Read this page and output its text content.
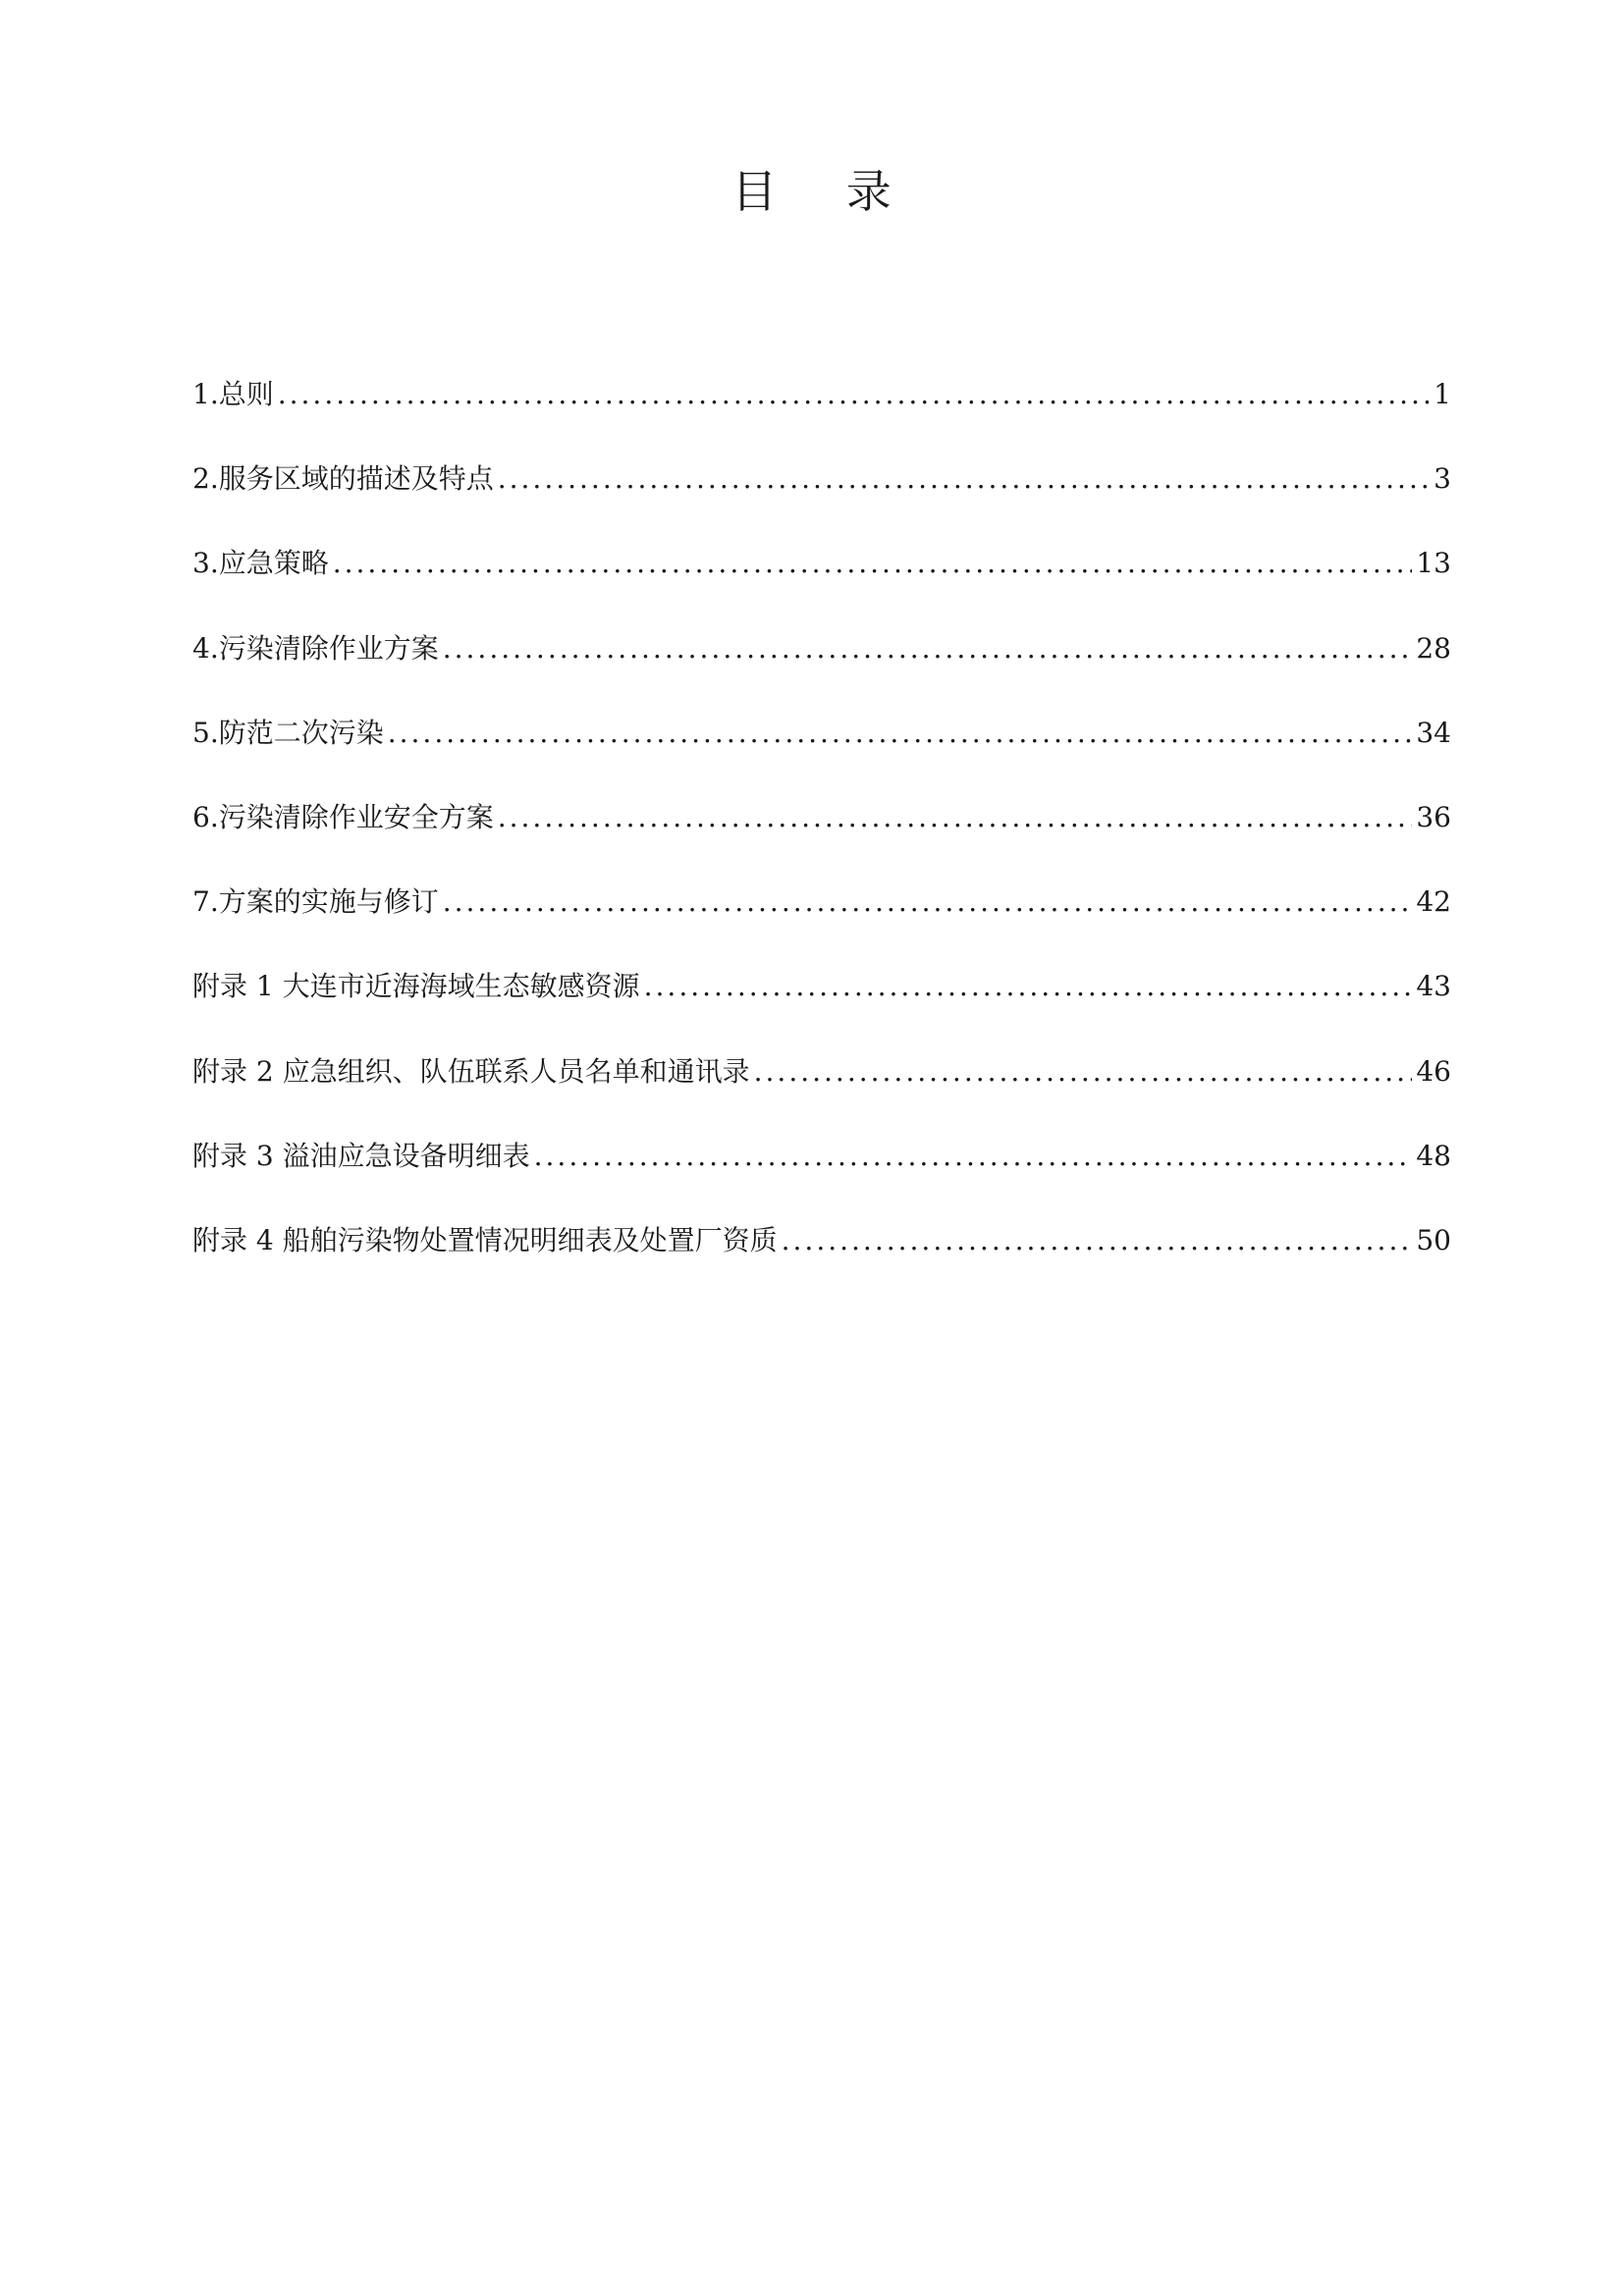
目 录
1.总则 .....	1
2.服务区域的描述及特点 .....	3
3.应急策略 .....	13
4.污染清除作业方案 .....	28
5.防范二次污染 .....	34
6.污染清除作业安全方案 .....	36
7.方案的实施与修订 .....	42
附录 1 大连市近海海域生态敏感资源 .....	43
附录 2 应急组织、队伍联系人员名单和通讯录 .....	46
附录 3 溢油应急设备明细表 .....	48
附录 4 船舶污染物处置情况明细表及处置厂资质 .....	50
